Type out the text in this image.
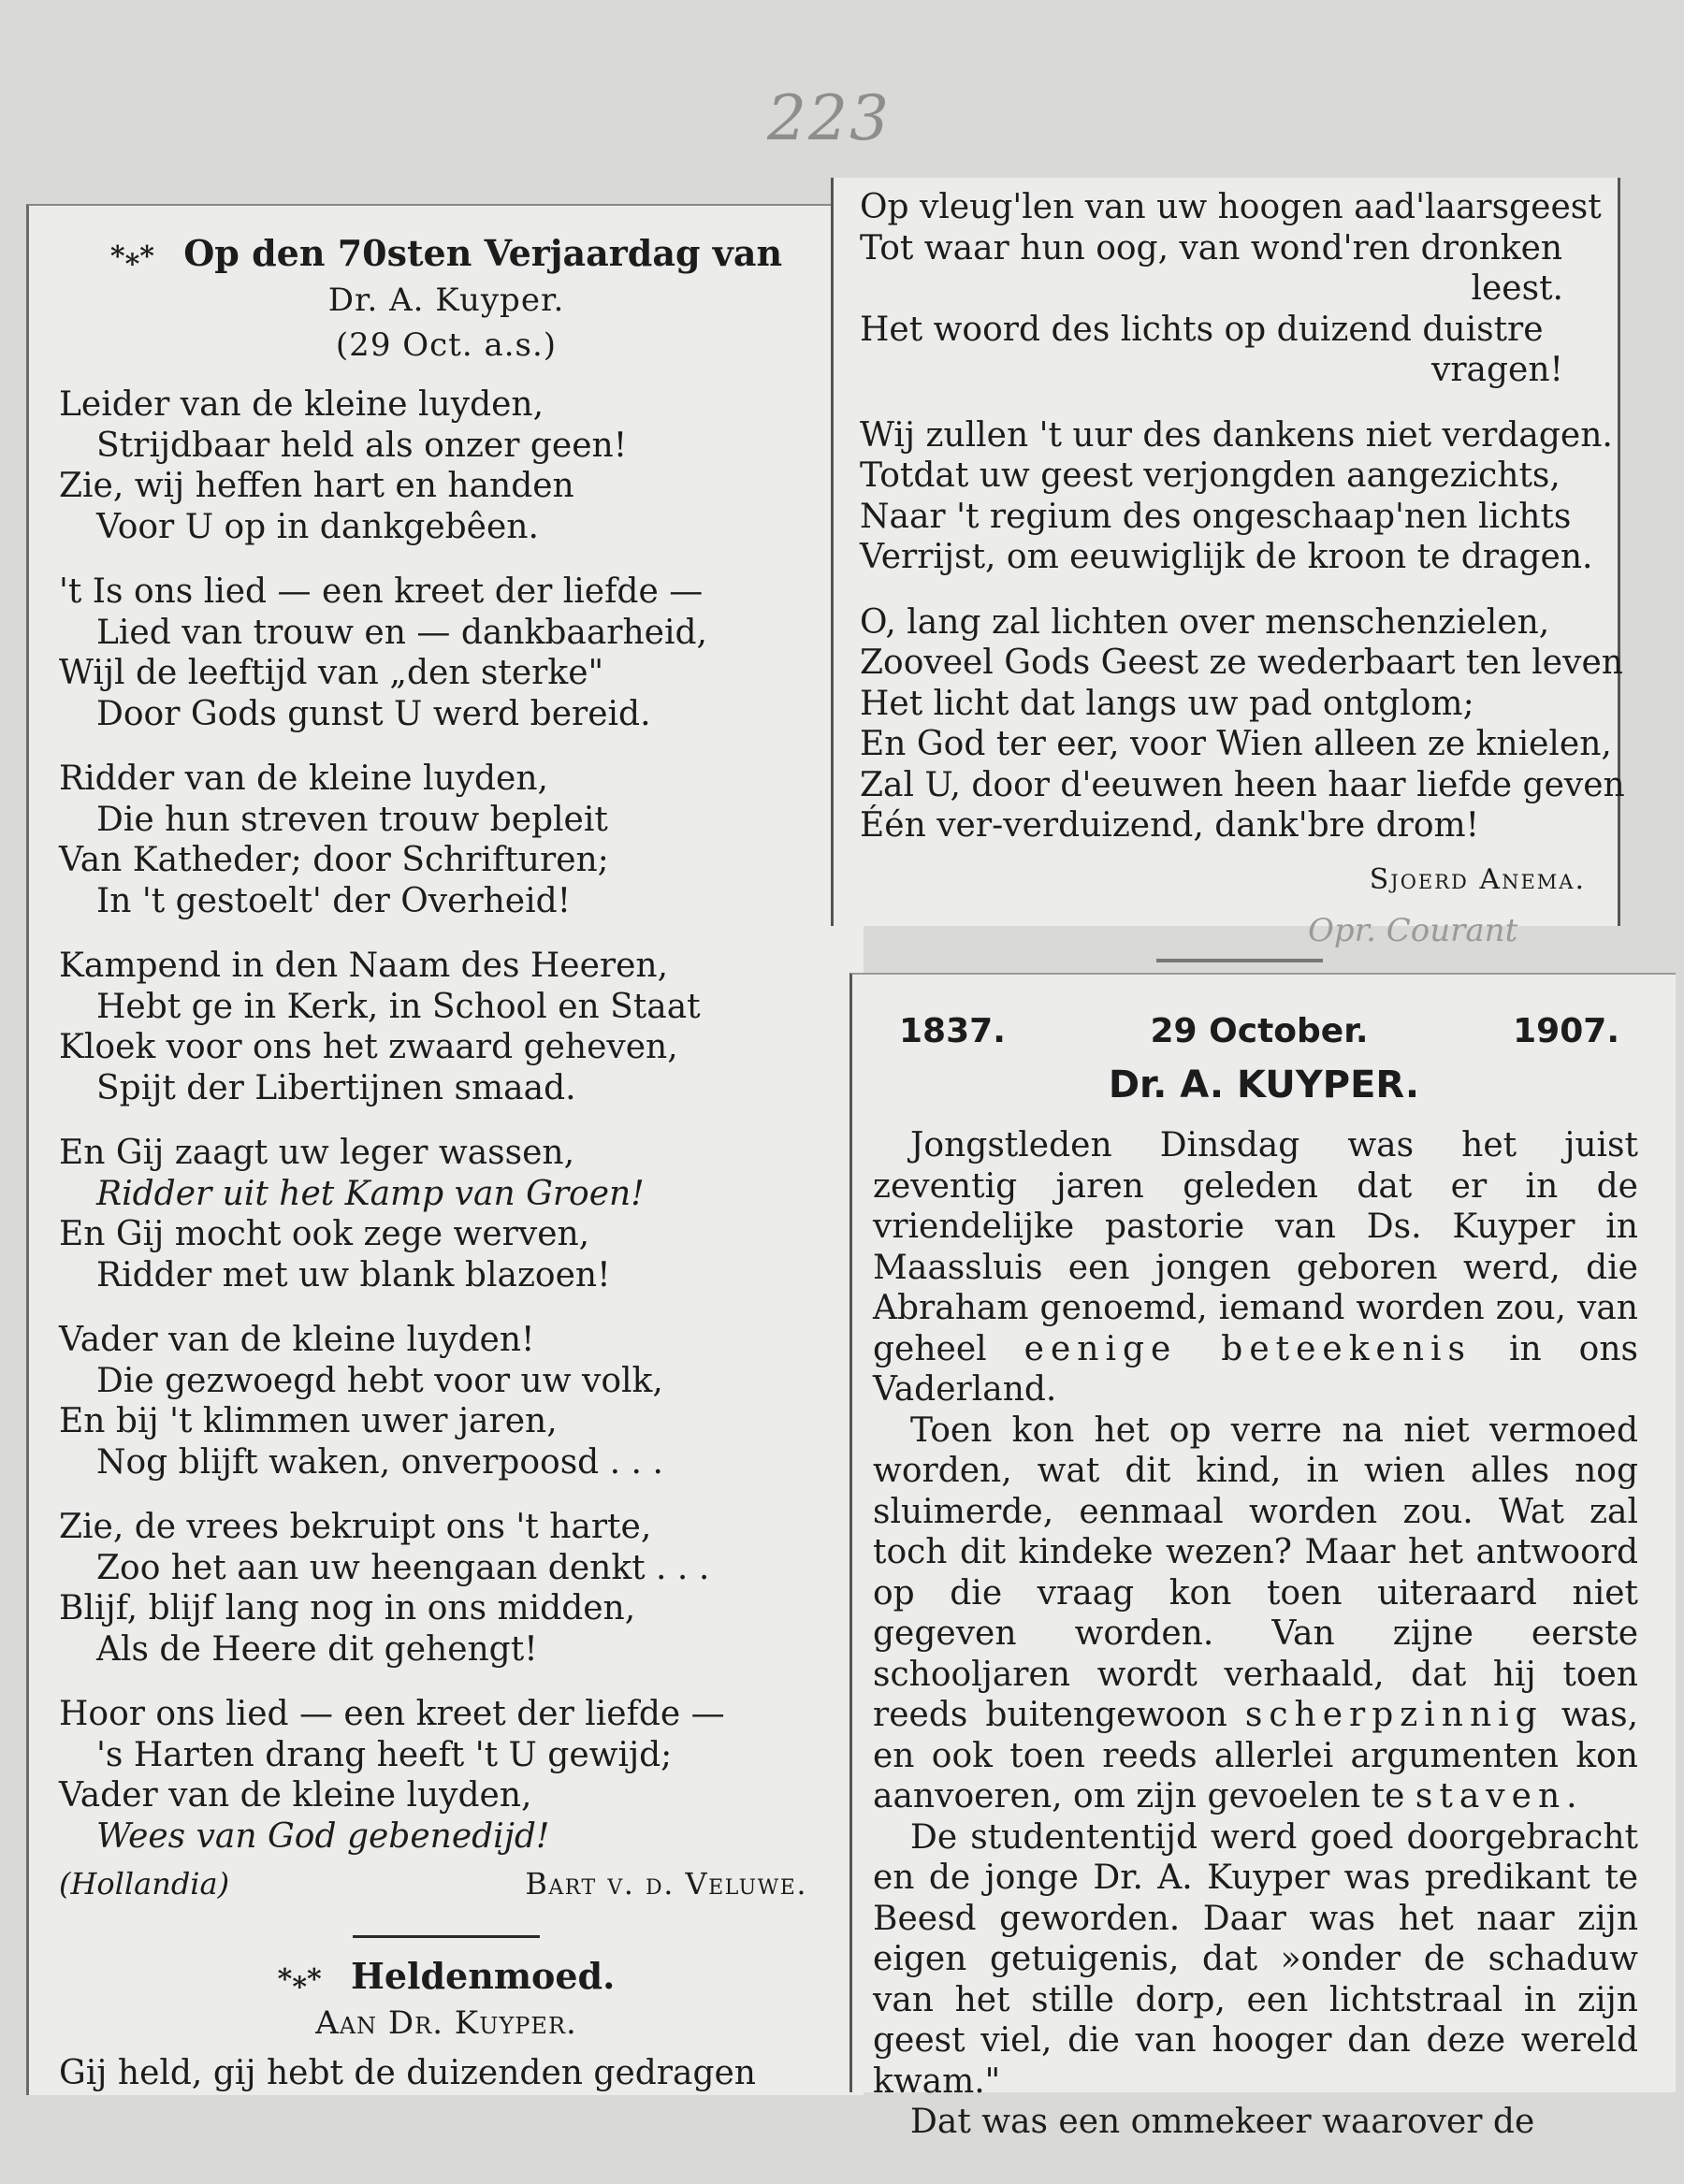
223
*⁎* Op den 70sten Verjaardag van
Dr. A. Kuyper.
(29 Oct. a.s.)
Leider van de kleine luyden,
Strijdbaar held als onzer geen!
Zie, wij heffen hart en handen
Voor U op in dankgebêen.
't Is ons lied — een kreet der liefde —
Lied van trouw en — dankbaarheid,
Wijl de leeftijd van „den sterke"
Door Gods gunst U werd bereid.
Ridder van de kleine luyden,
Die hun streven trouw bepleit
Van Katheder; door Schrifturen;
In 't gestoelt' der Overheid!
Kampend in den Naam des Heeren,
Hebt ge in Kerk, in School en Staat
Kloek voor ons het zwaard geheven,
Spijt der Libertijnen smaad.
En Gij zaagt uw leger wassen,
Ridder uit het Kamp van Groen!
En Gij mocht ook zege werven,
Ridder met uw blank blazoen!
Vader van de kleine luyden!
Die gezwoegd hebt voor uw volk,
En bij 't klimmen uwer jaren,
Nog blijft waken, onverpoosd . . .
Zie, de vrees bekruipt ons 't harte,
Zoo het aan uw heengaan denkt . . .
Blijf, blijf lang nog in ons midden,
Als de Heere dit gehengt!
Hoor ons lied — een kreet der liefde —
's Harten drang heeft 't U gewijd;
Vader van de kleine luyden,
Wees van God gebenedijd!
(Hollandia)	Bart v. d. Veluwe.
*⁎* Heldenmoed.
Aan Dr. Kuyper.
Gij held, gij hebt de duizenden gedragen
Op vleug'len van uw hoogen aad'laarsgeest
Tot waar hun oog, van wond'ren dronken
leest.
Het woord des lichts op duizend duistre
vragen!
Wij zullen 't uur des dankens niet verdagen.
Totdat uw geest verjongden aangezichts,
Naar 't regium des ongeschaap'nen lichts
Verrijst, om eeuwiglijk de kroon te dragen.
O, lang zal lichten over menschenzielen,
Zooveel Gods Geest ze wederbaart ten leven
Het licht dat langs uw pad ontglom;
En God ter eer, voor Wien alleen ze knielen,
Zal U, door d'eeuwen heen haar liefde geven
Één ver-verduizend, dank'bre drom!
Sjoerd Anema.
Opr. Courant
1837.	29 October.	1907.
Dr. A. KUYPER.

Jongstleden Dinsdag was het juist zeventig jaren geleden dat er in de vriendelijke pastorie van Ds. Kuyper in Maassluis een jongen geboren werd, die Abraham genoemd, iemand worden zou, van geheel eenige beteekenis in ons Vaderland.

Toen kon het op verre na niet vermoed worden, wat dit kind, in wien alles nog sluimerde, eenmaal worden zou. Wat zal toch dit kindeke wezen? Maar het antwoord op die vraag kon toen uiteraard niet gegeven worden. Van zijne eerste schooljaren wordt verhaald, dat hij toen reeds buitengewoon scherpzinnig was, en ook toen reeds allerlei argumenten kon aanvoeren, om zijn gevoelen te staven.

De studententijd werd goed doorgebracht en de jonge Dr. A. Kuyper was predikant te Beesd geworden. Daar was het naar zijn eigen getuigenis, dat »onder de schaduw van het stille dorp, een lichtstraal in zijn geest viel, die van hooger dan deze wereld kwam."

Dat was een ommekeer waarover de
